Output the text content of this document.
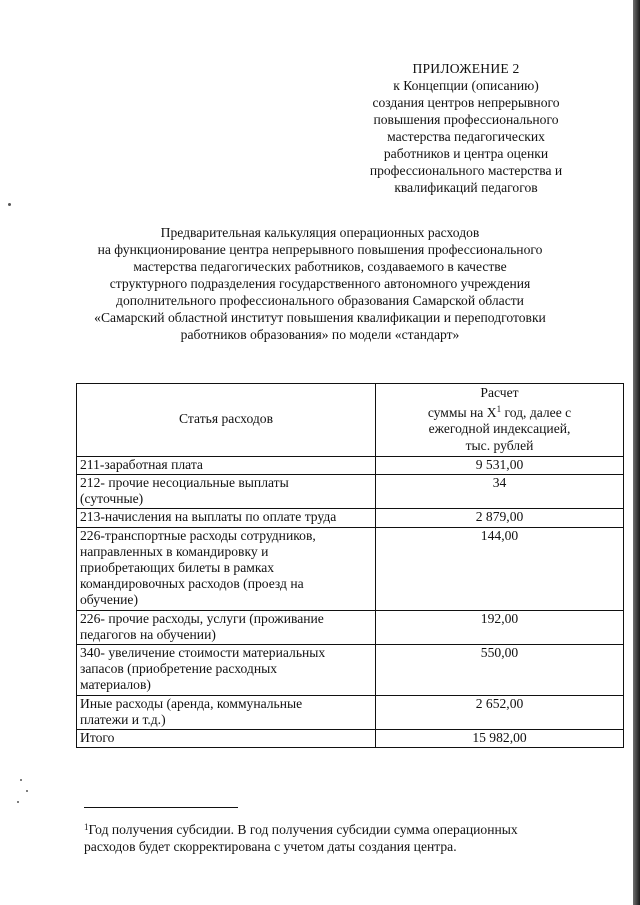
ПРИЛОЖЕНИЕ 2
к Концепции (описанию)
создания центров непрерывного
повышения профессионального
мастерства педагогических
работников и центра оценки
профессионального мастерства и
квалификаций педагогов
Предварительная калькуляция операционных расходов
на функционирование центра непрерывного повышения профессионального
мастерства педагогических работников, создаваемого в качестве
структурного подразделения государственного автономного учреждения
дополнительного профессионального образования Самарской области
«Самарский областной институт повышения квалификации и переподготовки
работников образования» по модели «стандарт»
Статья расходов	Расчет
суммы на Х$^1$ год, далее с
ежегодной индексацией,
тыс. рублей
211-заработная плата	9 531,00
212- прочие несоциальные выплаты
(суточные)	34
213-начисления на выплаты по оплате труда	2 879,00
226-транспортные расходы сотрудников,
направленных в командировку и
приобретающих билеты в рамках
командировочных расходов (проезд на
обучение)	144,00
226- прочие расходы, услуги (проживание
педагогов на обучении)	192,00
340- увеличение стоимости материальных
запасов (приобретение расходных
материалов)	550,00
Иные расходы (аренда, коммунальные
платежи и т.д.)	2 652,00
Итого	15 982,00
$^1$Год получения субсидии. В год получения субсидии сумма операционных
расходов будет скорректирована с учетом даты создания центра.
